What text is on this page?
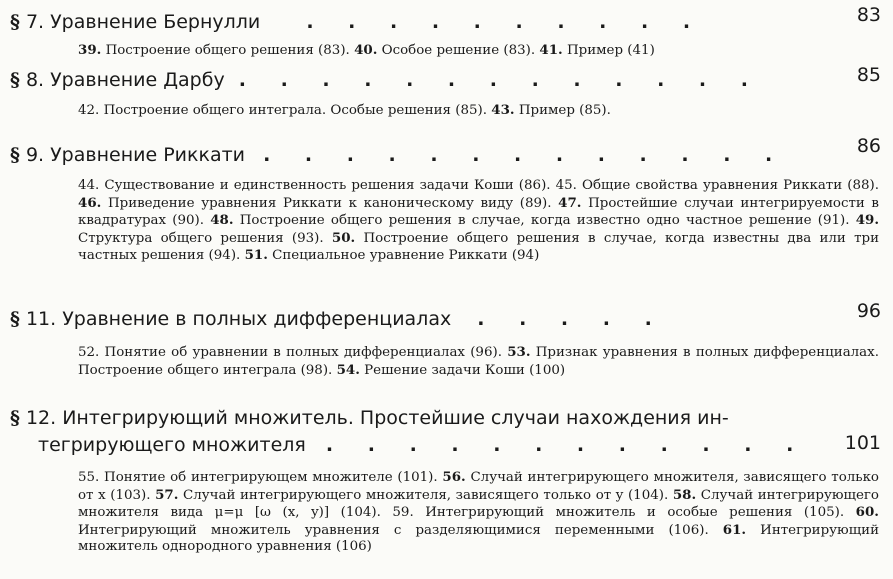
§ 7. Уравнение Бернулли . . . . . . . . . .	83
39. Построение общего решения (83). 40. Особое решение (83). 41. Пример (41)
§ 8. Уравнение Дарбу . . . . . . . . . . . . .	85
42. Построение общего интеграла. Особые решения (85). 43. Пример (85).
§ 9. Уравнение Риккати . . . . . . . . . . . . .	86
44. Существование и единственность решения задачи Коши (86). 45. Общие свойства уравнения Риккати (88). 46. Приведение уравнения Риккати к каноническому виду (89). 47. Простейшие случаи интегрируемости в квадратурах (90). 48. Построение общего решения в случае, когда известно одно частное решение (91). 49. Структура общего решения (93). 50. Построение общего решения в случае, когда известны два или три частных решения (94). 51. Специальное уравнение Риккати (94)
§ 11. Уравнение в полных дифференциалах . . . . .	96
52. Понятие об уравнении в полных дифференциалах (96). 53. Признак уравнения в полных дифференциалах. Построение общего интеграла (98). 54. Решение задачи Коши (100)
§ 12. Интегрирующий множитель. Простейшие случаи нахождения ин-
тегрирующего множителя . . . . . . . . . . . .	101
55. Понятие об интегрирующем множителе (101). 56. Случай интегрирующего множителя, зависящего только от x (103). 57. Случай интегрирующего множителя, зависящего только от y (104). 58. Случай интегрирующего множителя вида μ=μ [ω (x, y)] (104). 59. Интегрирующий множитель и особые решения (105). 60. Интегрирующий множитель уравнения с разделяющимися переменными (106). 61. Интегрирующий множитель однородного уравнения (106)
